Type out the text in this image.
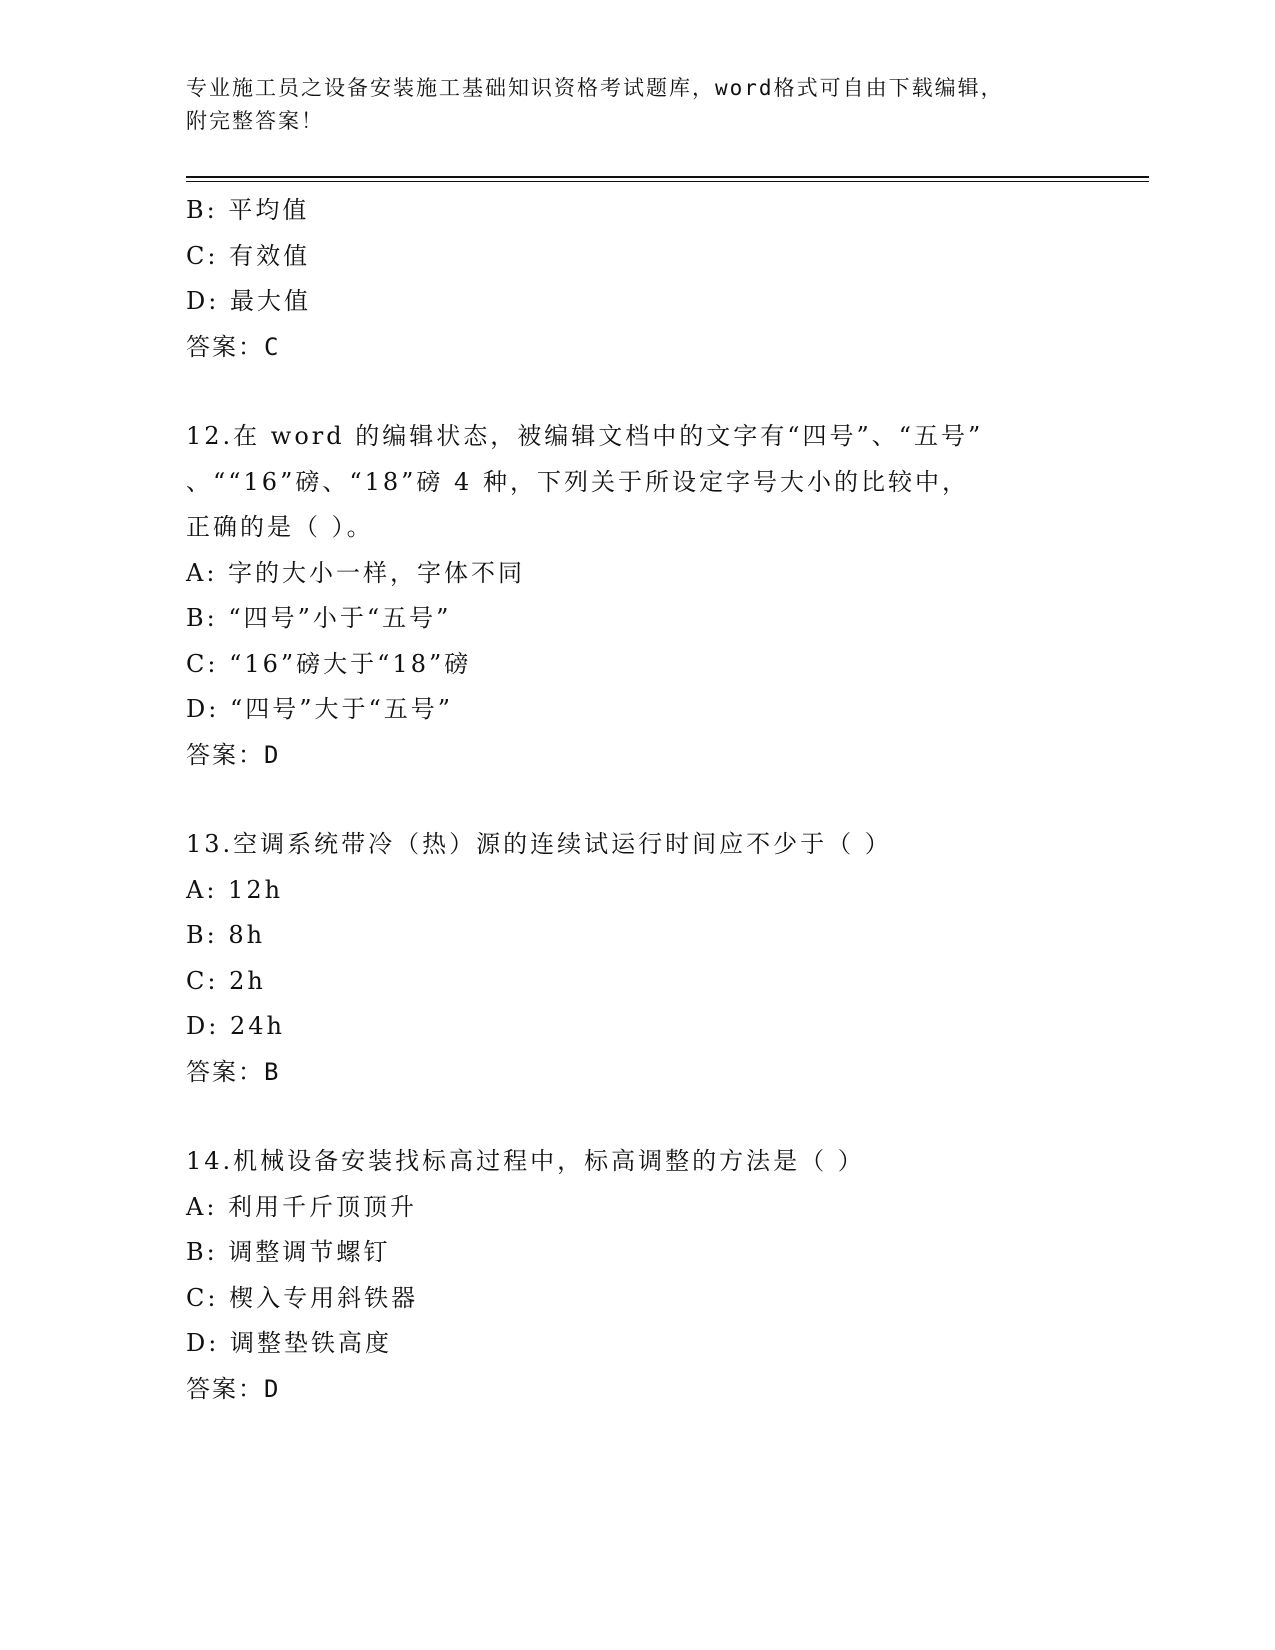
专业施工员之设备安装施工基础知识资格考试题库，word格式可自由下载编辑，
附完整答案！
B: 平均值
C: 有效值
D: 最大值
答案：C
12.在 word 的编辑状态，被编辑文档中的文字有“四号”、“五号”
、““16”磅、“18”磅 4 种，下列关于所设定字号大小的比较中，
正确的是（ ）。
A: 字的大小一样，字体不同
B: “四号”小于“五号”
C: “16”磅大于“18”磅
D: “四号”大于“五号”
答案：D
13.空调系统带冷（热）源的连续试运行时间应不少于（ ）
A: 12h
B: 8h
C: 2h
D: 24h
答案：B
14.机械设备安装找标高过程中，标高调整的方法是（ ）
A: 利用千斤顶顶升
B: 调整调节螺钉
C: 楔入专用斜铁器
D: 调整垫铁高度
答案：D
